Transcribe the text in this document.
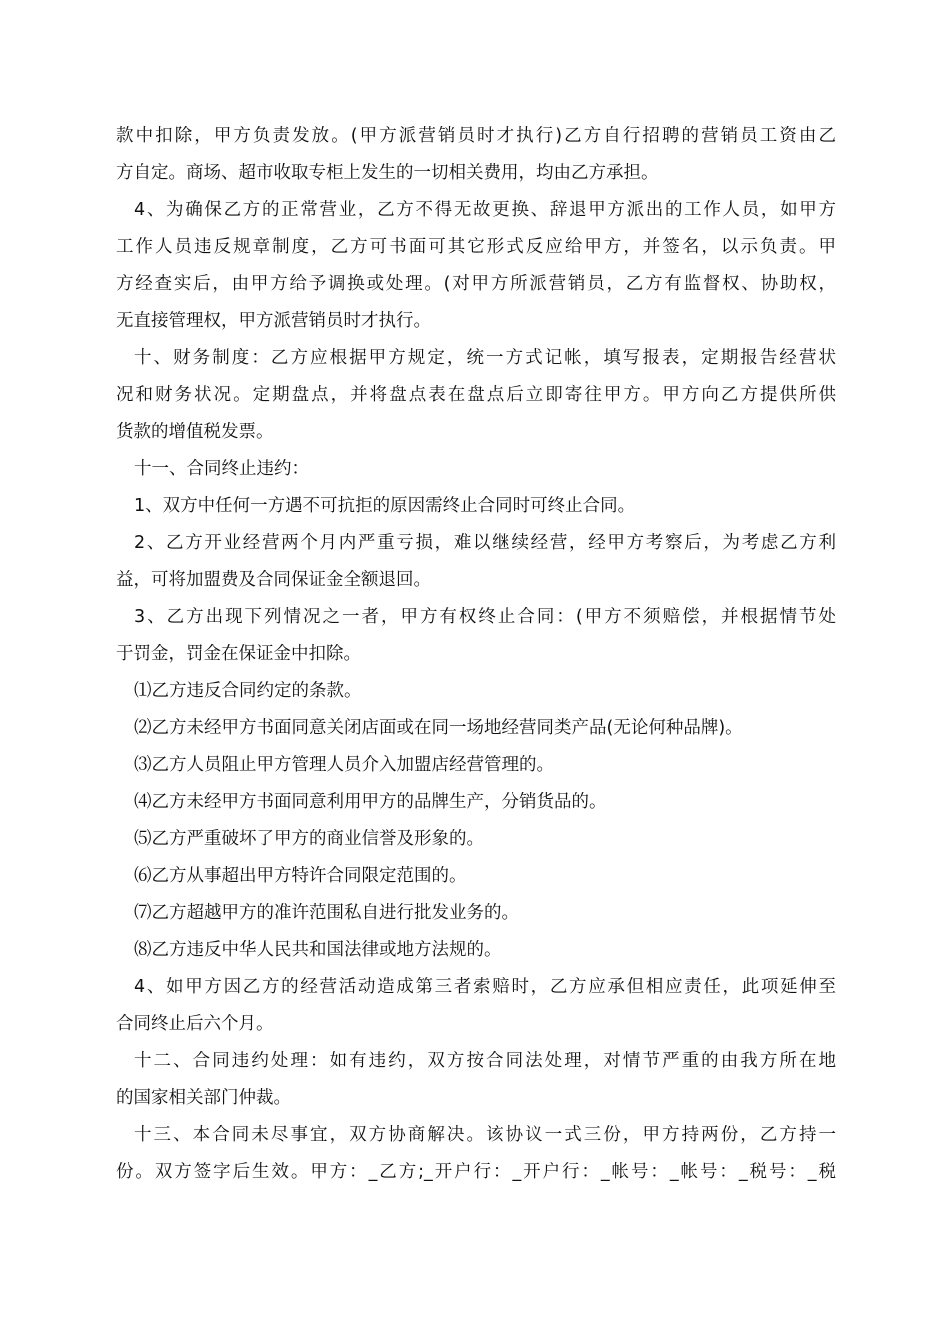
款中扣除，甲方负责发放。(甲方派营销员时才执行)乙方自行招聘的营销员工资由乙
方自定。商场、超市收取专柜上发生的一切相关费用，均由乙方承担。
4、为确保乙方的正常营业，乙方不得无故更换、辞退甲方派出的工作人员，如甲方
工作人员违反规章制度，乙方可书面可其它形式反应给甲方，并签名，以示负责。甲
方经查实后，由甲方给予调换或处理。(对甲方所派营销员，乙方有监督权、协助权，
无直接管理权，甲方派营销员时才执行。
十、财务制度：乙方应根据甲方规定，统一方式记帐，填写报表，定期报告经营状
况和财务状况。定期盘点，并将盘点表在盘点后立即寄往甲方。甲方向乙方提供所供
货款的增值税发票。
十一、合同终止违约：
1、双方中任何一方遇不可抗拒的原因需终止合同时可终止合同。
2、乙方开业经营两个月内严重亏损，难以继续经营，经甲方考察后，为考虑乙方利
益，可将加盟费及合同保证金全额退回。
3、乙方出现下列情况之一者，甲方有权终止合同：(甲方不须赔偿，并根据情节处
于罚金，罚金在保证金中扣除。
⑴乙方违反合同约定的条款。
⑵乙方未经甲方书面同意关闭店面或在同一场地经营同类产品(无论何种品牌)。
⑶乙方人员阻止甲方管理人员介入加盟店经营管理的。
⑷乙方未经甲方书面同意利用甲方的品牌生产，分销货品的。
⑸乙方严重破坏了甲方的商业信誉及形象的。
⑹乙方从事超出甲方特许合同限定范围的。
⑺乙方超越甲方的准许范围私自进行批发业务的。
⑻乙方违反中华人民共和国法律或地方法规的。
4、如甲方因乙方的经营活动造成第三者索赔时，乙方应承但相应责任，此项延伸至
合同终止后六个月。
十二、合同违约处理：如有违约，双方按合同法处理，对情节严重的由我方所在地
的国家相关部门仲裁。
十三、本合同未尽事宜，双方协商解决。该协议一式三份，甲方持两份，乙方持一
份。双方签字后生效。甲方：_乙方;_开户行：_开户行：_帐号：_帐号：_税号：_税
